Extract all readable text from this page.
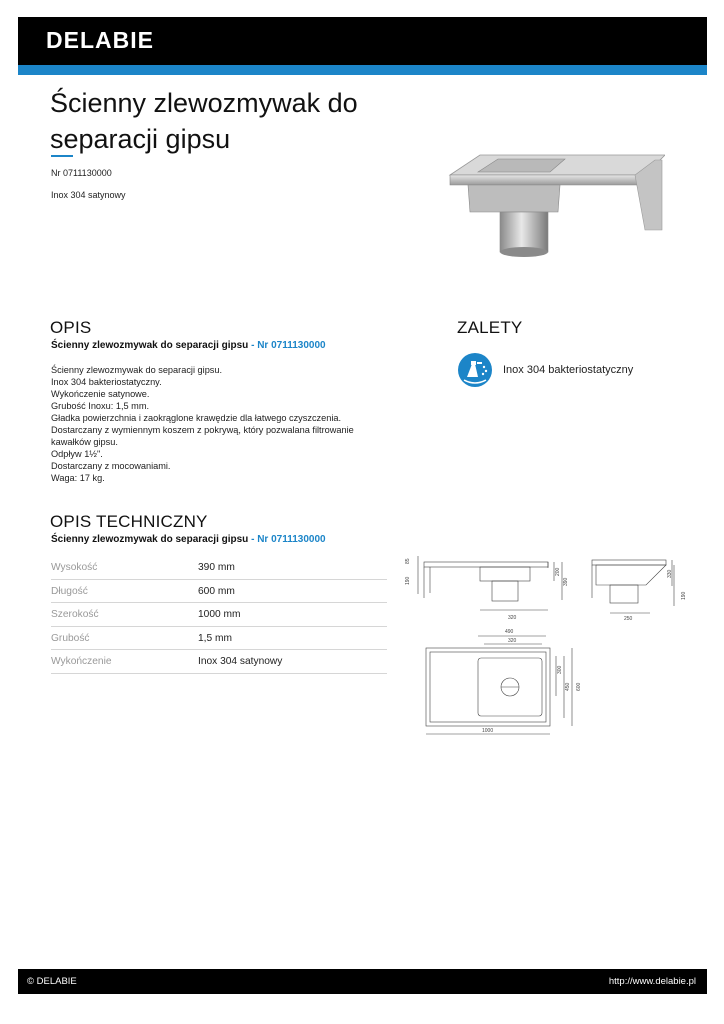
DELABIE
Ścienny zlewozmywak do
separacji gipsu
Nr 0711130000
Inox 304 satynowy
OPIS
Ścienny zlewozmywak do separacji gipsu - Nr 0711130000
Ścienny zlewozmywak do separacji gipsu.
Inox 304 bakteriostatyczny.
Wykończenie satynowe.
Grubość Inoxu: 1,5 mm.
Gładka powierzchnia i zaokrąglone krawędzie dla łatwego czyszczenia.
Dostarczany z wymiennym koszem z pokrywą, który pozwalana filtrowanie
kawałków gipsu.
Odpływ 1½".
Dostarczany z mocowaniami.
Waga: 17 kg.
ZALETY
Inox 304 bakteriostatyczny
OPIS TECHNICZNY
Ścienny zlewozmywak do separacji gipsu - Nr 0711130000
Wysokość	390 mm
Długość	600 mm
Szerokość	1000 mm
Grubość	1,5 mm
Wykończenie	Inox 304 satynowy
190
85
200
390
320
330
190
250
490
320
300
450 600
1000
© DELABIE	http://www.delabie.pl
